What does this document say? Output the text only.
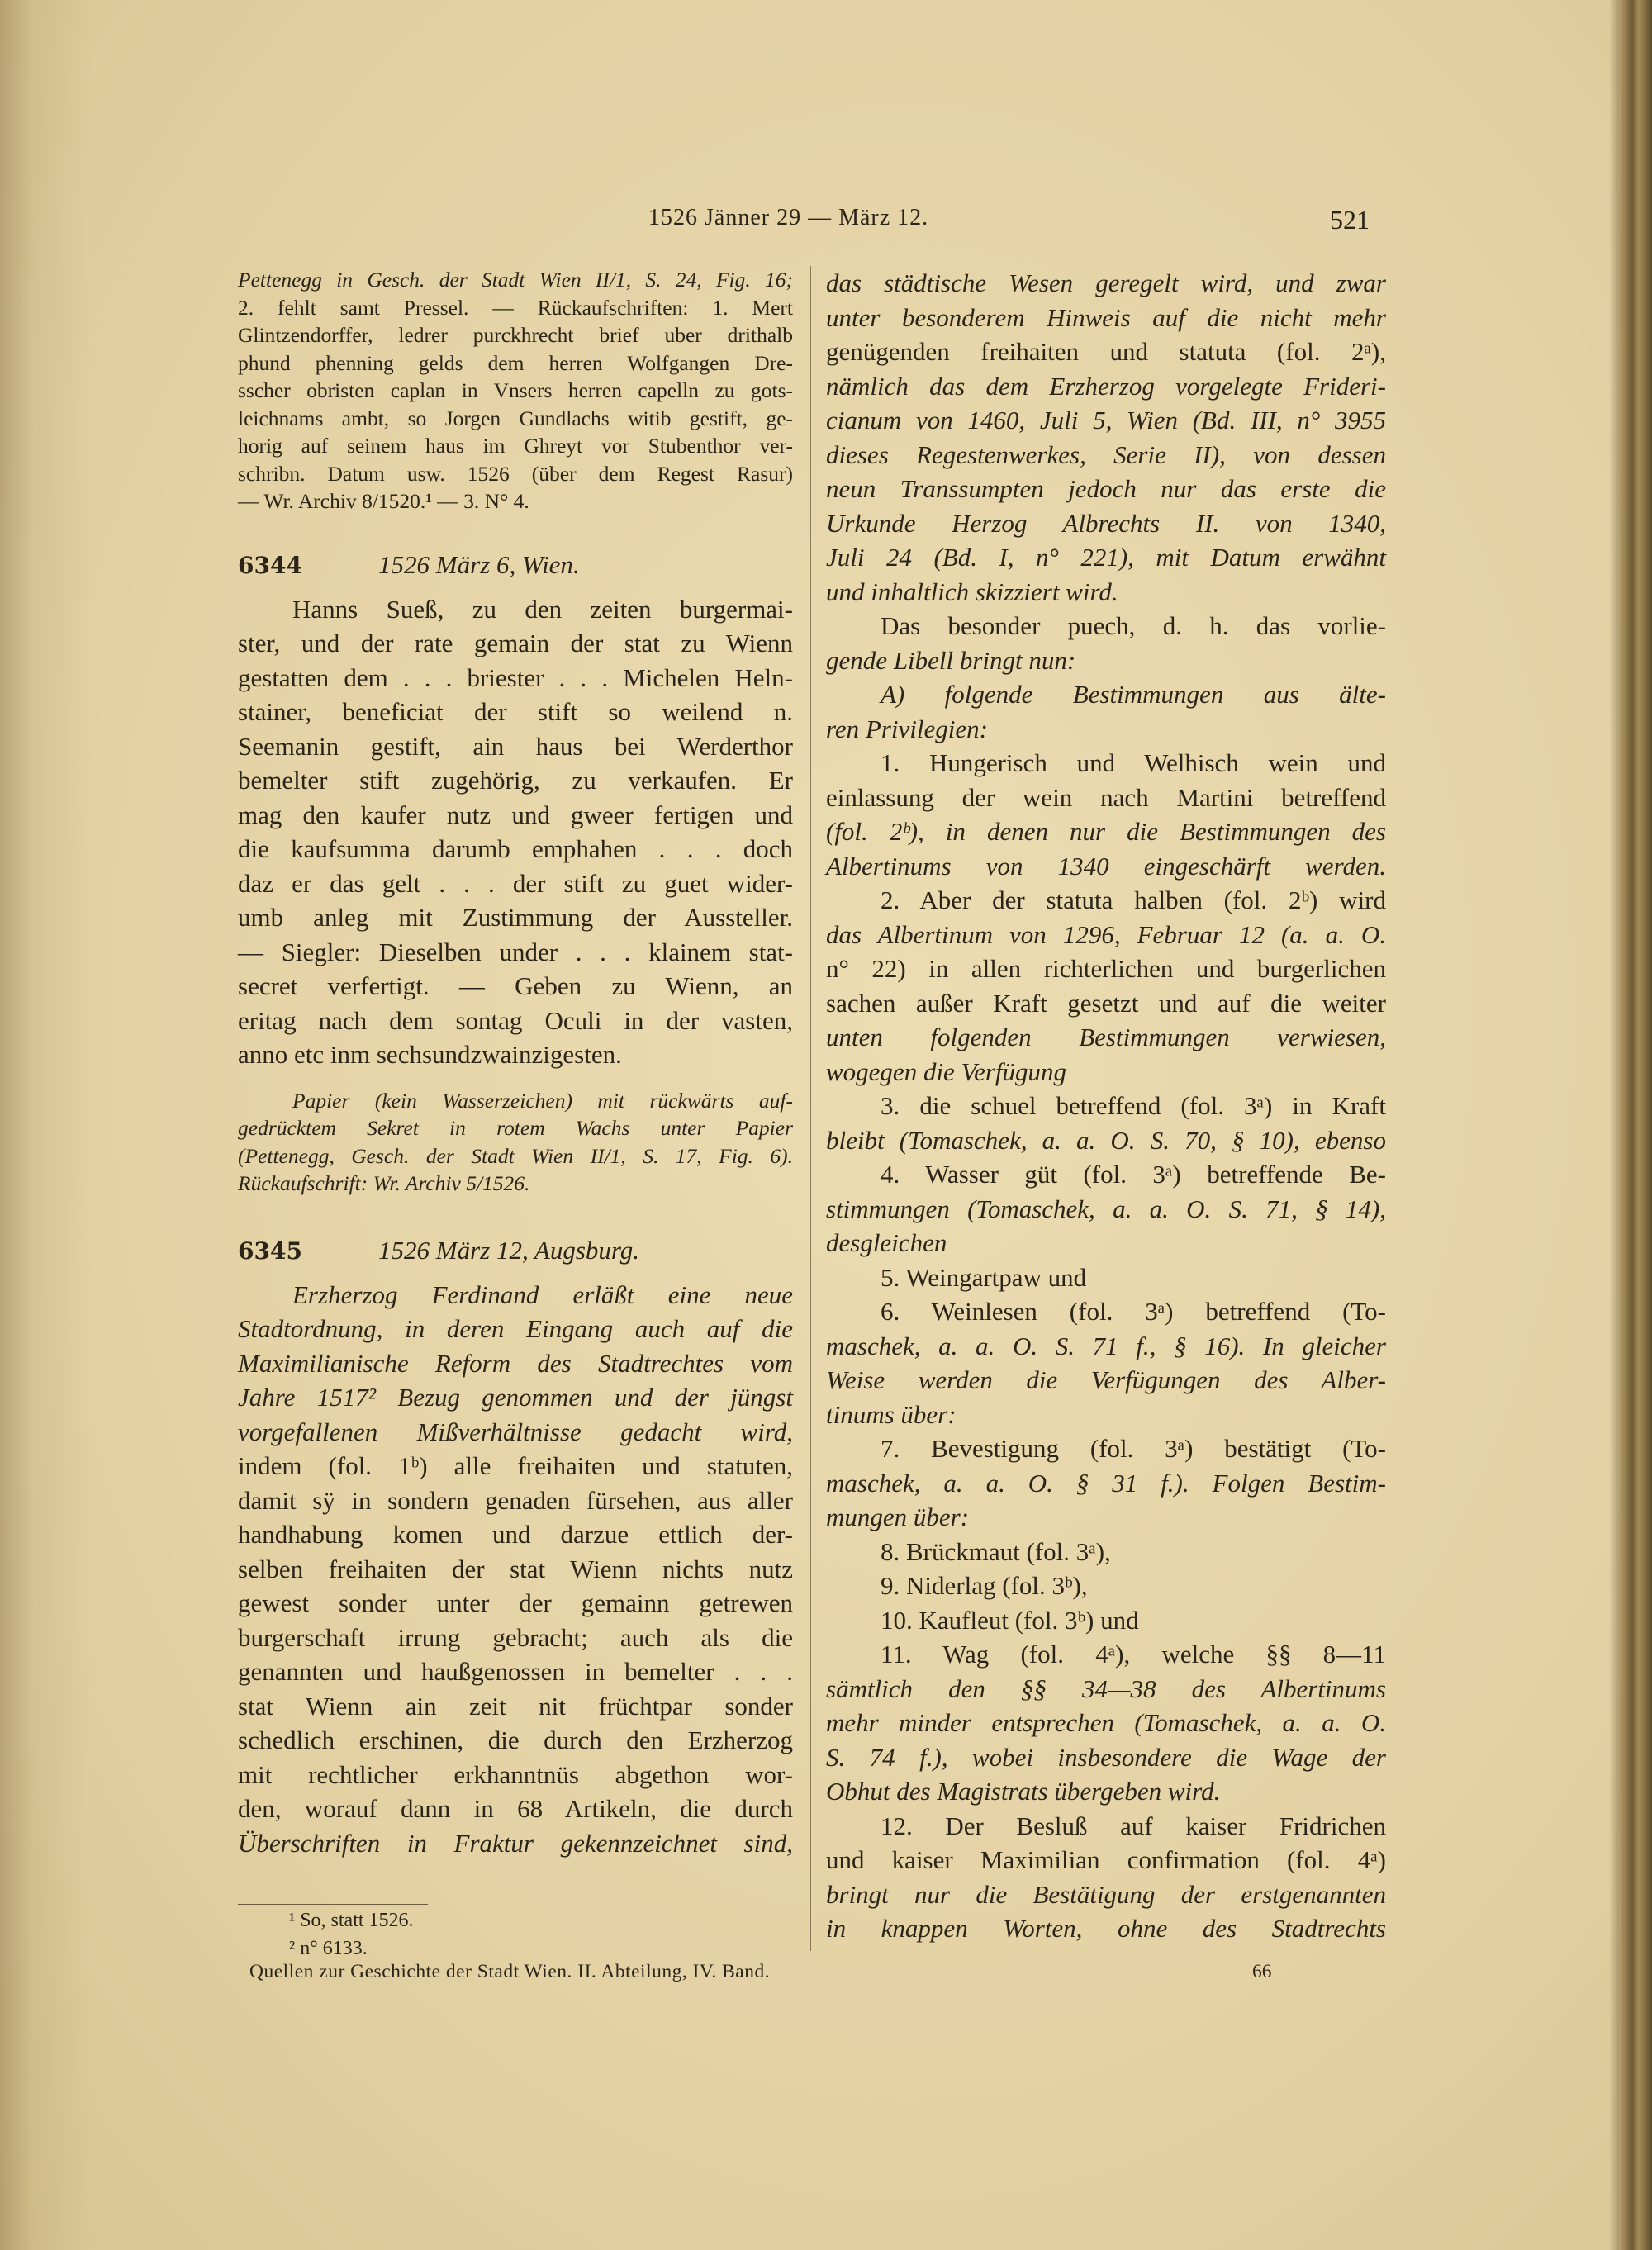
1526 Jänner 29 — März 12.	521
Pettenegg in Gesch. der Stadt Wien II/1, S. 24, Fig. 16;
2. fehlt samt Pressel. — Rückaufschriften: 1. Mert
Glintzendorffer, ledrer purckhrecht brief uber drithalb
phund phenning gelds dem herren Wolfgangen Dre-
sscher obristen caplan in Vnsers herren capelln zu gots-
leichnams ambt, so Jorgen Gundlachs witib gestift, ge-
horig auf seinem haus im Ghreyt vor Stubenthor ver-
schribn. Datum usw. 1526 (über dem Regest Rasur)
— Wr. Archiv 8/1520.¹ — 3. N° 4.
6344	1526 März 6, Wien.
Hanns Sueß, zu den zeiten burgermai-
ster, und der rate gemain der stat zu Wienn
gestatten dem . . . briester . . . Michelen Heln-
stainer, beneficiat der stift so weilend n.
Seemanin gestift, ain haus bei Werderthor
bemelter stift zugehörig, zu verkaufen. Er
mag den kaufer nutz und gweer fertigen und
die kaufsumma darumb emphahen . . . doch
daz er das gelt . . . der stift zu guet wider-
umb anleg mit Zustimmung der Aussteller.
— Siegler: Dieselben under . . . klainem stat-
secret verfertigt. — Geben zu Wienn, an
eritag nach dem sontag Oculi in der vasten,
anno etc inm sechsundzwainzigesten.
Papier (kein Wasserzeichen) mit rückwärts auf-
gedrücktem Sekret in rotem Wachs unter Papier
(Pettenegg, Gesch. der Stadt Wien II/1, S. 17, Fig. 6).
Rückaufschrift: Wr. Archiv 5/1526.
6345	1526 März 12, Augsburg.
Erzherzog Ferdinand erläßt eine neue
Stadtordnung, in deren Eingang auch auf die
Maximilianische Reform des Stadtrechtes vom
Jahre 1517² Bezug genommen und der jüngst
vorgefallenen Mißverhältnisse gedacht wird,
indem (fol. 1ᵇ) alle freihaiten und statuten,
damit sÿ in sondern genaden fürsehen, aus aller
handhabung komen und darzue ettlich der-
selben freihaiten der stat Wienn nichts nutz
gewest sonder unter der gemainn getrewen
burgerschaft irrung gebracht; auch als die
genannten und haußgenossen in bemelter . . .
stat Wienn ain zeit nit früchtpar sonder
schedlich erschinen, die durch den Erzherzog
mit rechtlicher erkhanntnüs abgethon wor-
den, worauf dann in 68 Artikeln, die durch
Überschriften in Fraktur gekennzeichnet sind,
das städtische Wesen geregelt wird, und zwar
unter besonderem Hinweis auf die nicht mehr
genügenden freihaiten und statuta (fol. 2ᵃ),
nämlich das dem Erzherzog vorgelegte Frideri-
cianum von 1460, Juli 5, Wien (Bd. III, n° 3955
dieses Regestenwerkes, Serie II), von dessen
neun Transsumpten jedoch nur das erste die
Urkunde Herzog Albrechts II. von 1340,
Juli 24 (Bd. I, n° 221), mit Datum erwähnt
und inhaltlich skizziert wird.
Das besonder puech, d. h. das vorlie-
gende Libell bringt nun:
A) folgende Bestimmungen aus älte-
ren Privilegien:
1. Hungerisch und Welhisch wein und
einlassung der wein nach Martini betreffend
(fol. 2ᵇ), in denen nur die Bestimmungen des
Albertinums von 1340 eingeschärft werden.
2. Aber der statuta halben (fol. 2ᵇ) wird
das Albertinum von 1296, Februar 12 (a. a. O.
n° 22) in allen richterlichen und burgerlichen
sachen außer Kraft gesetzt und auf die weiter
unten folgenden Bestimmungen verwiesen,
wogegen die Verfügung
3. die schuel betreffend (fol. 3ᵃ) in Kraft
bleibt (Tomaschek, a. a. O. S. 70, § 10), ebenso
4. Wasser güt (fol. 3ᵃ) betreffende Be-
stimmungen (Tomaschek, a. a. O. S. 71, § 14),
desgleichen
5. Weingartpaw und
6. Weinlesen (fol. 3ᵃ) betreffend (To-
maschek, a. a. O. S. 71 f., § 16). In gleicher
Weise werden die Verfügungen des Alber-
tinums über:
7. Bevestigung (fol. 3ᵃ) bestätigt (To-
maschek, a. a. O. § 31 f.). Folgen Bestim-
mungen über:
8. Brückmaut (fol. 3ᵃ),
9. Niderlag (fol. 3ᵇ),
10. Kaufleut (fol. 3ᵇ) und
11. Wag (fol. 4ᵃ), welche §§ 8—11
sämtlich den §§ 34—38 des Albertinums
mehr minder entsprechen (Tomaschek, a. a. O.
S. 74 f.), wobei insbesondere die Wage der
Obhut des Magistrats übergeben wird.
12. Der Besluß auf kaiser Fridrichen
und kaiser Maximilian confirmation (fol. 4ᵃ)
bringt nur die Bestätigung der erstgenannten
in knappen Worten, ohne des Stadtrechts
¹ So, statt 1526.
² n° 6133.
Quellen zur Geschichte der Stadt Wien. II. Abteilung, IV. Band.	66
